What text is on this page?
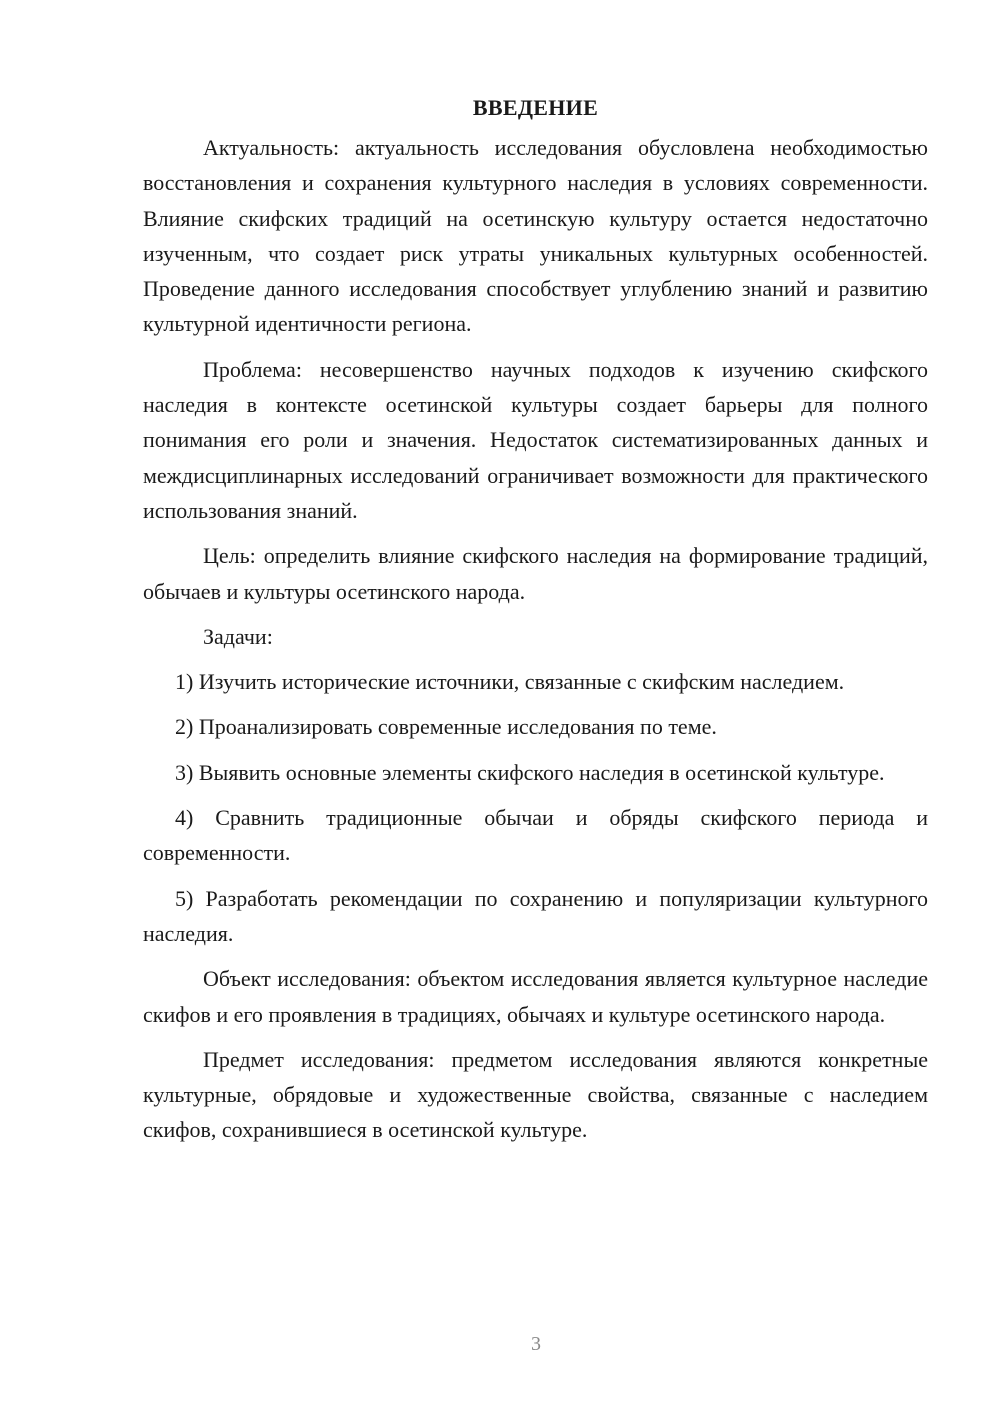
ВВЕДЕНИЕ

Актуальность: актуальность исследования обусловлена необходимостью восстановления и сохранения культурного наследия в условиях современности. Влияние скифских традиций на осетинскую культуру остается недостаточно изученным, что создает риск утраты уникальных культурных особенностей. Проведение данного исследования способствует углублению знаний и развитию культурной идентичности региона.

Проблема: несовершенство научных подходов к изучению скифского наследия в контексте осетинской культуры создает барьеры для полного понимания его роли и значения. Недостаток систематизированных данных и междисциплинарных исследований ограничивает возможности для практического использования знаний.

Цель: определить влияние скифского наследия на формирование традиций, обычаев и культуры осетинского народа.

Задачи:

1) Изучить исторические источники, связанные с скифским наследием.

2) Проанализировать современные исследования по теме.

3) Выявить основные элементы скифского наследия в осетинской культуре.

4) Сравнить традиционные обычаи и обряды скифского периода и современности.

5) Разработать рекомендации по сохранению и популяризации культурного наследия.

Объект исследования: объектом исследования является культурное наследие скифов и его проявления в традициях, обычаях и культуре осетинского народа.

Предмет исследования: предметом исследования являются конкретные культурные, обрядовые и художественные свойства, связанные с наследием скифов, сохранившиеся в осетинской культуре.

3
